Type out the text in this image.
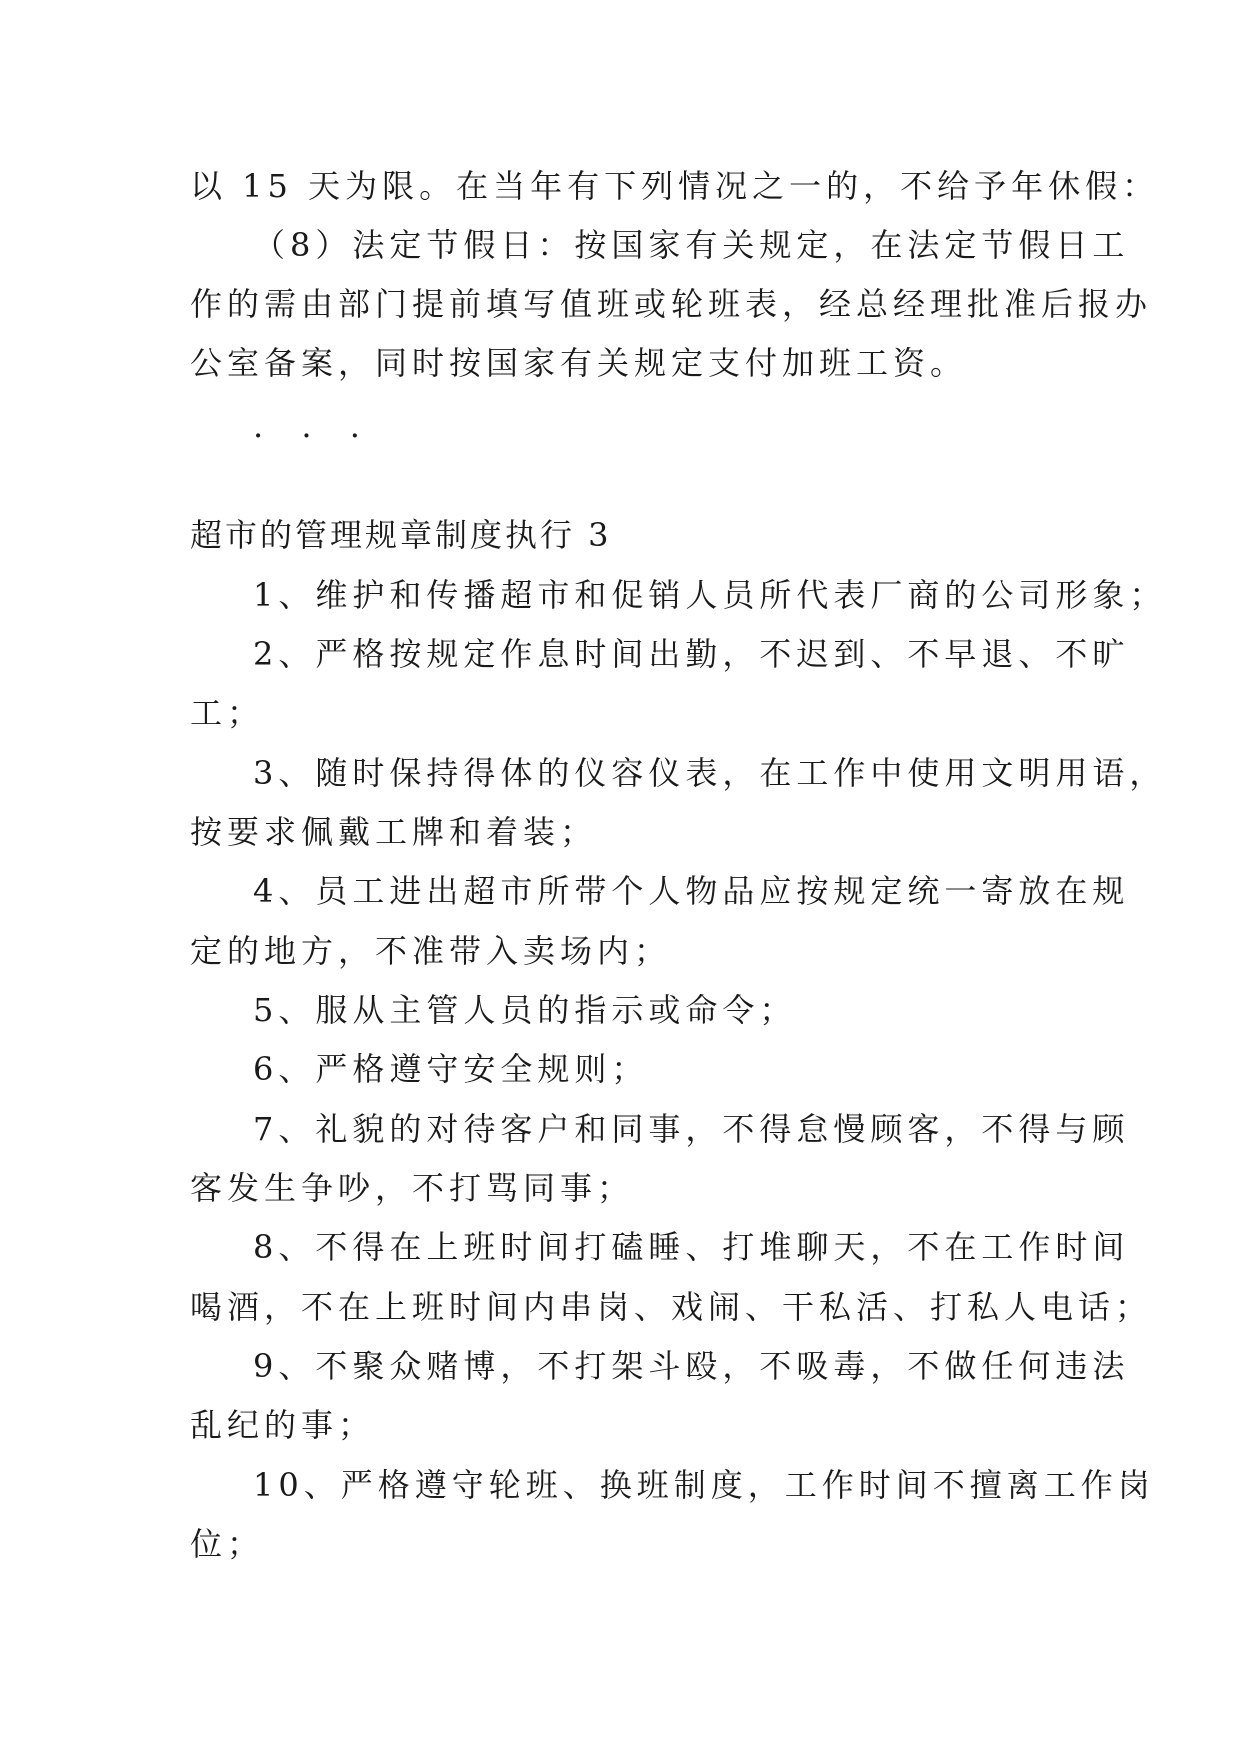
以 15 天为限。在当年有下列情况之一的，不给予年休假：
（8）法定节假日：按国家有关规定，在法定节假日工
作的需由部门提前填写值班或轮班表，经总经理批准后报办
公室备案，同时按国家有关规定支付加班工资。
. . .
超市的管理规章制度执行 3
1、维护和传播超市和促销人员所代表厂商的公司形象；
2、严格按规定作息时间出勤，不迟到、不早退、不旷
工；
3、随时保持得体的仪容仪表，在工作中使用文明用语，
按要求佩戴工牌和着装；
4、员工进出超市所带个人物品应按规定统一寄放在规
定的地方，不准带入卖场内；
5、服从主管人员的指示或命令；
6、严格遵守安全规则；
7、礼貌的对待客户和同事，不得怠慢顾客，不得与顾
客发生争吵，不打骂同事；
8、不得在上班时间打磕睡、打堆聊天，不在工作时间
喝酒，不在上班时间内串岗、戏闹、干私活、打私人电话；
9、不聚众赌博，不打架斗殴，不吸毒，不做任何违法
乱纪的事；
10、严格遵守轮班、换班制度，工作时间不擅离工作岗
位；
